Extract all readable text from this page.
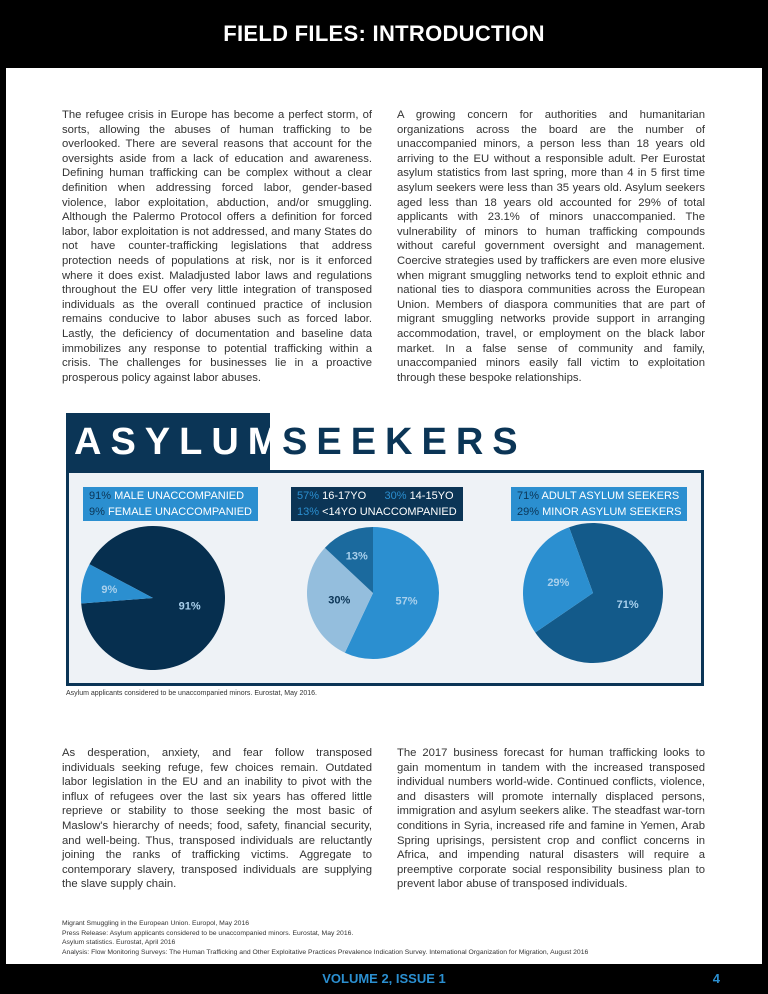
FIELD FILES: INTRODUCTION

The refugee crisis in Europe has become a perfect storm, of sorts, allowing the abuses of human trafficking to be overlooked. There are several reasons that account for the oversights aside from a lack of education and awareness. Defining human trafficking can be complex without a clear definition when addressing forced labor, gender-based violence, labor exploitation, abduction, and/or smuggling. Although the Palermo Protocol offers a definition for forced labor, labor exploitation is not addressed, and many States do not have counter-trafficking legislations that address protection needs of populations at risk, nor is it enforced where it does exist. Maladjusted labor laws and regulations throughout the EU offer very little integration of transposed individuals as the overall continued practice of inclusion remains conducive to labor abuses such as forced labor. Lastly, the deficiency of documentation and baseline data immobilizes any response to potential trafficking within a crisis. The challenges for businesses lie in a proactive prosperous policy against labor abuses.

A growing concern for authorities and humanitarian organizations across the board are the number of unaccompanied minors, a person less than 18 years old arriving to the EU without a responsible adult. Per Eurostat asylum statistics from last spring, more than 4 in 5 first time asylum seekers were less than 35 years old. Asylum seekers aged less than 18 years old accounted for 29% of total applicants with 23.1% of minors unaccompanied. The vulnerability of minors to human trafficking compounds without careful government oversight and management. Coercive strategies used by traffickers are even more elusive when migrant smuggling networks tend to exploit ethnic and national ties to diaspora communities across the European Union. Members of diaspora communities that are part of migrant smuggling networks provide support in arranging accommodation, travel, or employment on the black labor market. In a false sense of community and family, unaccompanied minors easily fall victim to exploitation through these bespoke relationships.

ASYLUM
SEEKERS
91%
9%
57%
30%
13%
71%
29%
91% MALE UNACCOMPANIED
9% FEMALE UNACCOMPANIED
57% 16-17YO 30% 14-15YO
13% <14YO UNACCOMPANIED
71% ADULT ASYLUM SEEKERS
29% MINOR ASYLUM SEEKERS
Asylum applicants considered to be unaccompanied minors. Eurostat, May 2016.

As desperation, anxiety, and fear follow transposed individuals seeking refuge, few choices remain. Outdated labor legislation in the EU and an inability to pivot with the influx of refugees over the last six years has offered little reprieve or stability to those seeking the most basic of Maslow's hierarchy of needs; food, safety, financial security, and well-being. Thus, transposed individuals are reluctantly joining the ranks of trafficking victims. Aggregate to contemporary slavery, transposed individuals are supplying the slave supply chain.

The 2017 business forecast for human trafficking looks to gain momentum in tandem with the increased transposed individual numbers world-wide. Continued conflicts, violence, and disasters will promote internally displaced persons, immigration and asylum seekers alike. The steadfast war-torn conditions in Syria, increased rife and famine in Yemen, Arab Spring uprisings, persistent crop and conflict concerns in Africa, and impending natural disasters will require a preemptive corporate social responsibility business plan to prevent labor abuse of transposed individuals.

Migrant Smuggling in the European Union. Europol, May 2016
Press Release: Asylum applicants considered to be unaccompanied minors. Eurostat, May 2016.
Asylum statistics. Eurostat, April 2016
Analysis: Flow Monitoring Surveys: The Human Trafficking and Other Exploitative Practices Prevalence Indication Survey. International Organization for Migration, August 2016
VOLUME 2, ISSUE 1	4
